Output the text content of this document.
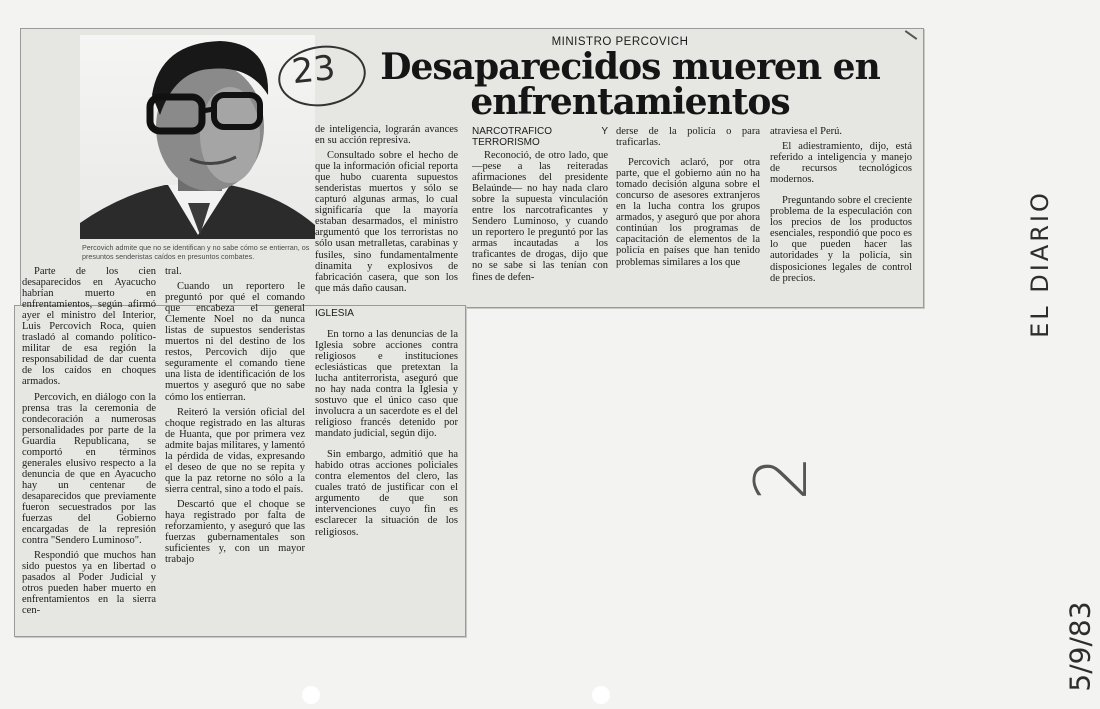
Percovich admite que no se identifican y no sabe cómo se entierran, os presuntos senderistas caídos en presuntos combates.
MINISTRO PERCOVICH
Desaparecidos mueren en enfrentamientos

Parte de los cien desaparecidos en Ayacucho habrían muerto en enfrentamientos, según afirmó ayer el ministro del Interior, Luis Percovich Roca, quien trasladó al comando político-militar de esa región la responsabilidad de dar cuenta de los caídos en choques armados.

Percovich, en diálogo con la prensa tras la ceremonia de condecoración a numerosas personalidades por parte de la Guardia Republicana, se comportó en términos generales elusivo respecto a la denuncia de que en Ayacucho hay un centenar de desaparecidos que previamente fueron secuestrados por las fuerzas del Gobierno encargadas de la represión contra "Sendero Luminoso".

Respondió que muchos han sido puestos ya en libertad o pasados al Poder Judicial y otros pueden haber muerto en enfrentamientos en la sierra cen-

tral.

Cuando un reportero le preguntó por qué el comando que encabeza el general Clemente Noel no da nunca listas de supuestos senderistas muertos ni del destino de los restos, Percovich dijo que seguramente el comando tiene una lista de identificación de los muertos y aseguró que no sabe cómo los entierran.

Reiteró la versión oficial del choque registrado en las alturas de Huanta, que por primera vez admite bajas militares, y lamentó la pérdida de vidas, expresando el deseo de que no se repita y que la paz retorne no sólo a la sierra central, sino a todo el país.

Descartó que el choque se haya registrado por falta de reforzamiento, y aseguró que las fuerzas gubernamentales son suficientes y, con un mayor trabajo

de inteligencia, lograrán avances en su acción represiva.

Consultado sobre el hecho de que la información oficial reporta que hubo cuarenta supuestos senderistas muertos y sólo se capturó algunas armas, lo cual significaría que la mayoría estaban desarmados, el ministro argumentó que los terroristas no sólo usan metralletas, carabinas y fusiles, sino fundamentalmente dinamita y explosivos de fabricación casera, que son los que más daño causan.

IGLESIA

En torno a las denuncias de la Iglesia sobre acciones contra religiosos e instituciones eclesiásticas que pretextan la lucha antiterrorista, aseguró que no hay nada contra la Iglesia y sostuvo que el único caso que involucra a un sacerdote es el del religioso francés detenido por mandato judicial, según dijo.

Sin embargo, admitió que ha habido otras acciones policiales contra elementos del clero, las cuales trató de justificar con el argumento de que son intervenciones cuyo fin es esclarecer la situación de los religiosos.

NARCOTRAFICO Y TERRORISMO

Reconoció, de otro lado, que —pese a las reiteradas afirmaciones del presidente Belaúnde— no hay nada claro sobre la supuesta vinculación entre los narcotraficantes y Sendero Luminoso, y cuando un reportero le preguntó por las armas incautadas a los traficantes de drogas, dijo que no se sabe si las tenían con fines de defen-

derse de la policía o para traficarlas.

Percovich aclaró, por otra parte, que el gobierno aún no ha tomado decisión alguna sobre el concurso de asesores extranjeros en la lucha contra los grupos armados, y aseguró que por ahora continúan los programas de capacitación de elementos de la policía en países que han tenido problemas similares a los que

atraviesa el Perú.

El adiestramiento, dijo, está referido a inteligencia y manejo de recursos tecnológicos modernos.

Preguntando sobre el creciente problema de la especulación con los precios de los productos esenciales, respondió que poco es lo que pueden hacer las autoridades y la policía, sin disposiciones legales de control de precios.

23
EL DIARIO
5/9/83
2
